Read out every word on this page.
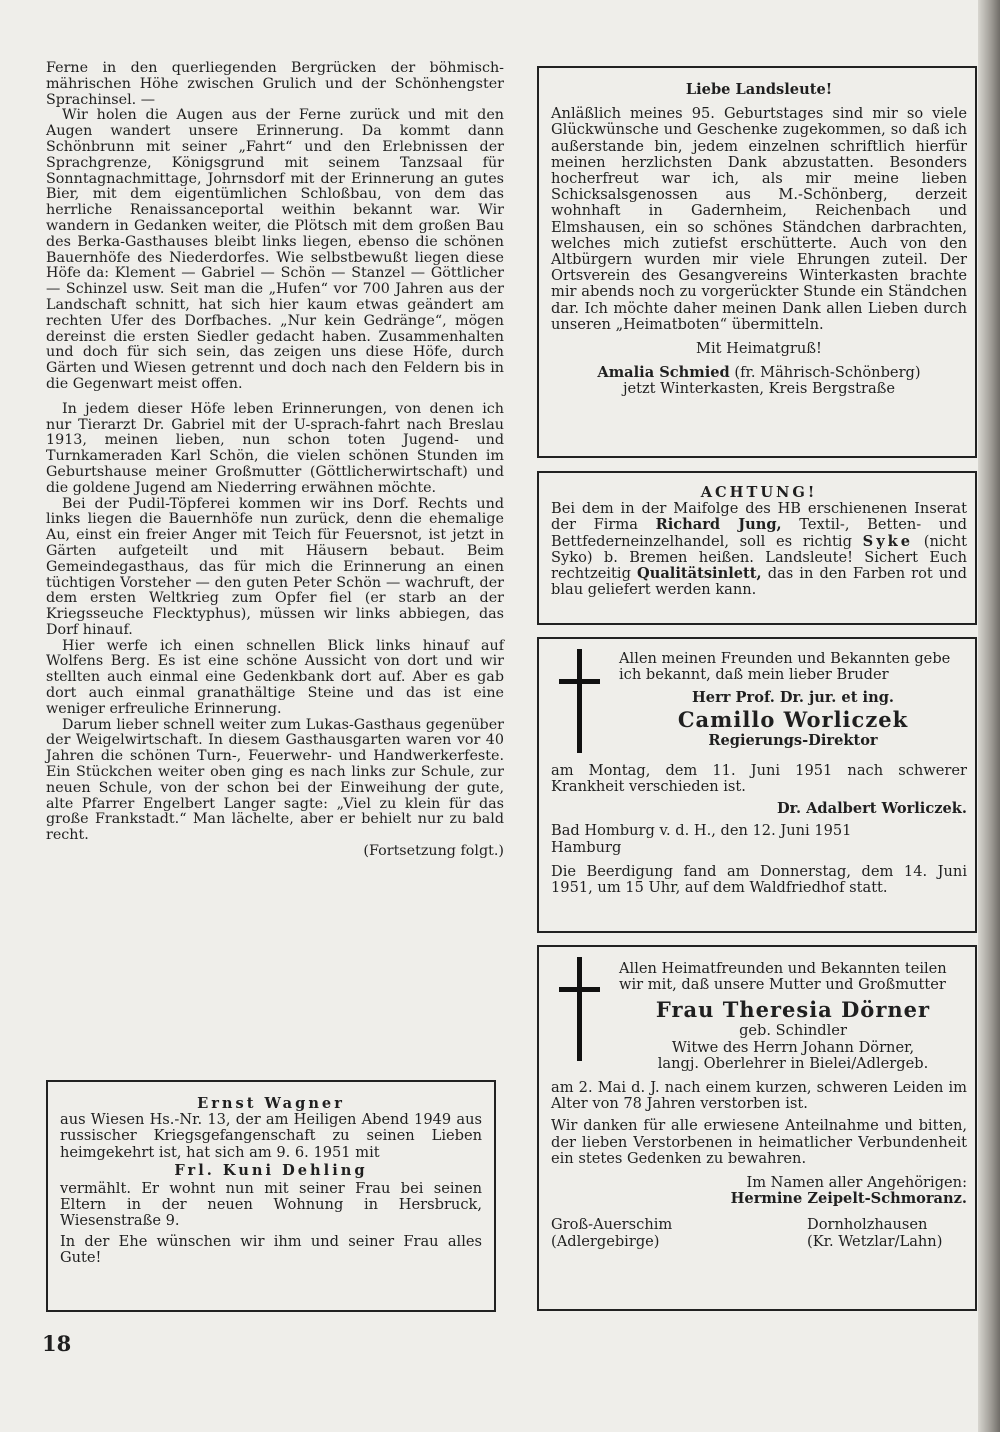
Ferne in den querliegenden Bergrücken der böhmisch-mährischen Höhe zwischen Grulich und der Schönhengster Sprachinsel. —

Wir holen die Augen aus der Ferne zurück und mit den Augen wandert unsere Erinnerung. Da kommt dann Schönbrunn mit seiner „Fahrt“ und den Erlebnissen der Sprachgrenze, Königsgrund mit seinem Tanzsaal für Sonntagnachmittage, Johrnsdorf mit der Erinnerung an gutes Bier, mit dem eigentümlichen Schloßbau, von dem das herrliche Renaissanceportal weithin bekannt war. Wir wandern in Gedanken weiter, die Plötsch mit dem großen Bau des Berka-Gasthauses bleibt links liegen, ebenso die schönen Bauernhöfe des Niederdorfes. Wie selbstbewußt liegen diese Höfe da: Klement — Gabriel — Schön — Stanzel — Göttlicher — Schinzel usw. Seit man die „Hufen“ vor 700 Jahren aus der Landschaft schnitt, hat sich hier kaum etwas geändert am rechten Ufer des Dorfbaches. „Nur kein Gedränge“, mögen dereinst die ersten Siedler gedacht haben. Zusammenhalten und doch für sich sein, das zeigen uns diese Höfe, durch Gärten und Wiesen getrennt und doch nach den Feldern bis in die Gegenwart meist offen.

In jedem dieser Höfe leben Erinnerungen, von denen ich nur Tierarzt Dr. Gabriel mit der U-sprach-fahrt nach Breslau 1913, meinen lieben, nun schon toten Jugend- und Turnkameraden Karl Schön, die vielen schönen Stunden im Geburtshause meiner Großmutter (Göttlicherwirtschaft) und die goldene Jugend am Niederring erwähnen möchte.

Bei der Pudil-Töpferei kommen wir ins Dorf. Rechts und links liegen die Bauernhöfe nun zurück, denn die ehemalige Au, einst ein freier Anger mit Teich für Feuersnot, ist jetzt in Gärten aufgeteilt und mit Häusern bebaut. Beim Gemeindegasthaus, das für mich die Erinnerung an einen tüchtigen Vorsteher — den guten Peter Schön — wachruft, der dem ersten Weltkrieg zum Opfer fiel (er starb an der Kriegsseuche Flecktyphus), müssen wir links abbiegen, das Dorf hinauf.

Hier werfe ich einen schnellen Blick links hinauf auf Wolfens Berg. Es ist eine schöne Aussicht von dort und wir stellten auch einmal eine Gedenkbank dort auf. Aber es gab dort auch einmal granathältige Steine und das ist eine weniger erfreuliche Erinnerung.

Darum lieber schnell weiter zum Lukas-Gasthaus gegenüber der Weigelwirtschaft. In diesem Gasthausgarten waren vor 40 Jahren die schönen Turn-, Feuerwehr- und Handwerkerfeste. Ein Stückchen weiter oben ging es nach links zur Schule, zur neuen Schule, von der schon bei der Einweihung der gute, alte Pfarrer Engelbert Langer sagte: „Viel zu klein für das große Frankstadt.“ Man lächelte, aber er behielt nur zu bald recht.

(Fortsetzung folgt.)

Ernst Wagner

aus Wiesen Hs.-Nr. 13, der am Heiligen Abend 1949 aus russischer Kriegsgefangenschaft zu seinen Lieben heimgekehrt ist, hat sich am 9. 6. 1951 mit

Frl. Kuni Dehling

vermählt. Er wohnt nun mit seiner Frau bei seinen Eltern in der neuen Wohnung in Hersbruck, Wiesenstraße 9.

In der Ehe wünschen wir ihm und seiner Frau alles Gute!

Liebe Landsleute!

Anläßlich meines 95. Geburtstages sind mir so viele Glückwünsche und Geschenke zugekommen, so daß ich außerstande bin, jedem einzelnen schriftlich hierfür meinen herzlichsten Dank abzustatten. Besonders hocherfreut war ich, als mir meine lieben Schicksalsgenossen aus M.-Schönberg, derzeit wohnhaft in Gadernheim, Reichenbach und Elmshausen, ein so schönes Ständchen darbrachten, welches mich zutiefst erschütterte. Auch von den Altbürgern wurden mir viele Ehrungen zuteil. Der Ortsverein des Gesangvereins Winterkasten brachte mir abends noch zu vorgerückter Stunde ein Ständchen dar. Ich möchte daher meinen Dank allen Lieben durch unseren „Heimatboten“ übermitteln.

Mit Heimatgruß!

Amalia Schmied (fr. Mährisch-Schönberg)

jetzt Winterkasten, Kreis Bergstraße

ACHTUNG!

Bei dem in der Maifolge des HB erschienenen Inserat der Firma Richard Jung, Textil-, Betten- und Bettfederneinzelhandel, soll es richtig Syke (nicht Syko) b. Bremen heißen. Landsleute! Sichert Euch rechtzeitig Qualitätsinlett, das in den Farben rot und blau geliefert werden kann.

Allen meinen Freunden und Bekannten gebe ich bekannt, daß mein lieber Bruder

Herr Prof. Dr. jur. et ing.

Camillo Worliczek

Regierungs-Direktor

am Montag, dem 11. Juni 1951 nach schwerer Krankheit verschieden ist.

Dr. Adalbert Worliczek.

Bad Homburg v. d. H., den 12. Juni 1951

Hamburg

Die Beerdigung fand am Donnerstag, dem 14. Juni 1951, um 15 Uhr, auf dem Waldfriedhof statt.

Allen Heimatfreunden und Bekannten teilen wir mit, daß unsere Mutter und Großmutter

Frau Theresia Dörner

geb. Schindler

Witwe des Herrn Johann Dörner,

langj. Oberlehrer in Bielei/Adlergeb.

am 2. Mai d. J. nach einem kurzen, schweren Leiden im Alter von 78 Jahren verstorben ist.

Wir danken für alle erwiesene Anteilnahme und bitten, der lieben Verstorbenen in heimatlicher Verbundenheit ein stetes Gedenken zu bewahren.

Im Namen aller Angehörigen:

Hermine Zeipelt-Schmoranz.

Groß-Auerschim

(Adlergebirge)

Dornholzhausen

(Kr. Wetzlar/Lahn)

18
